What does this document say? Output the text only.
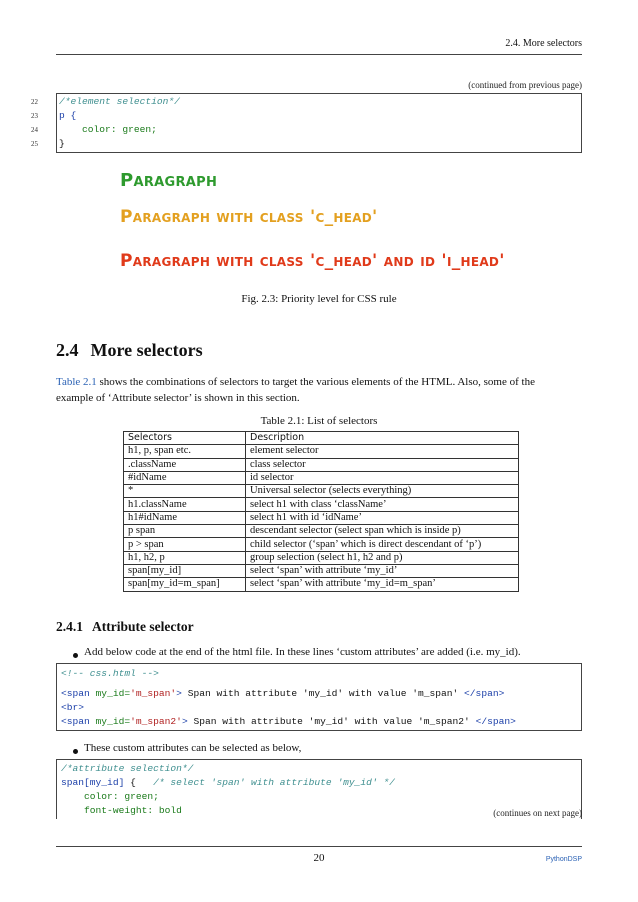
2.4. More selectors
(continued from previous page)
22
23
24
25
/*element selection*/
p {
color: green;
}
Paragraph
Paragraph with class 'c_head'
Paragraph with class 'c_head' and id 'i_head'
Fig. 2.3: Priority level for CSS rule
2.4 More selectors
Table 2.1 shows the combinations of selectors to target the various elements of the HTML. Also, some of the
example of ‘Attribute selector’ is shown in this section.
Table 2.1: List of selectors
Selectors	Description
h1, p, span etc.	element selector
.className	class selector
#idName	id selector
*	Universal selector (selects everything)
h1.className	select h1 with class ‘className’
h1#idName	select h1 with id ‘idName’
p span	descendant selector (select span which is inside p)
p > span	child selector (‘span’ which is direct descendant of ‘p’)
h1, h2, p	group selection (select h1, h2 and p)
span[my_id]	select ‘span’ with attribute ‘my_id’
span[my_id=m_span]	select ‘span’ with attribute ‘my_id=m_span’
2.4.1 Attribute selector
Add below code at the end of the html file. In these lines ‘custom attributes’ are added (i.e. my_id).
<!-- css.html -->
<span my_id='m_span'> Span with attribute 'my_id' with value 'm_span' </span>
<br>
<span my_id='m_span2'> Span with attribute 'my_id' with value 'm_span2' </span>
These custom attributes can be selected as below,
/*attribute selection*/
span[my_id] {   /* select 'span' with attribute 'my_id' */
color: green;
font-weight: bold	(continues on next page)
20	PythonDSP
